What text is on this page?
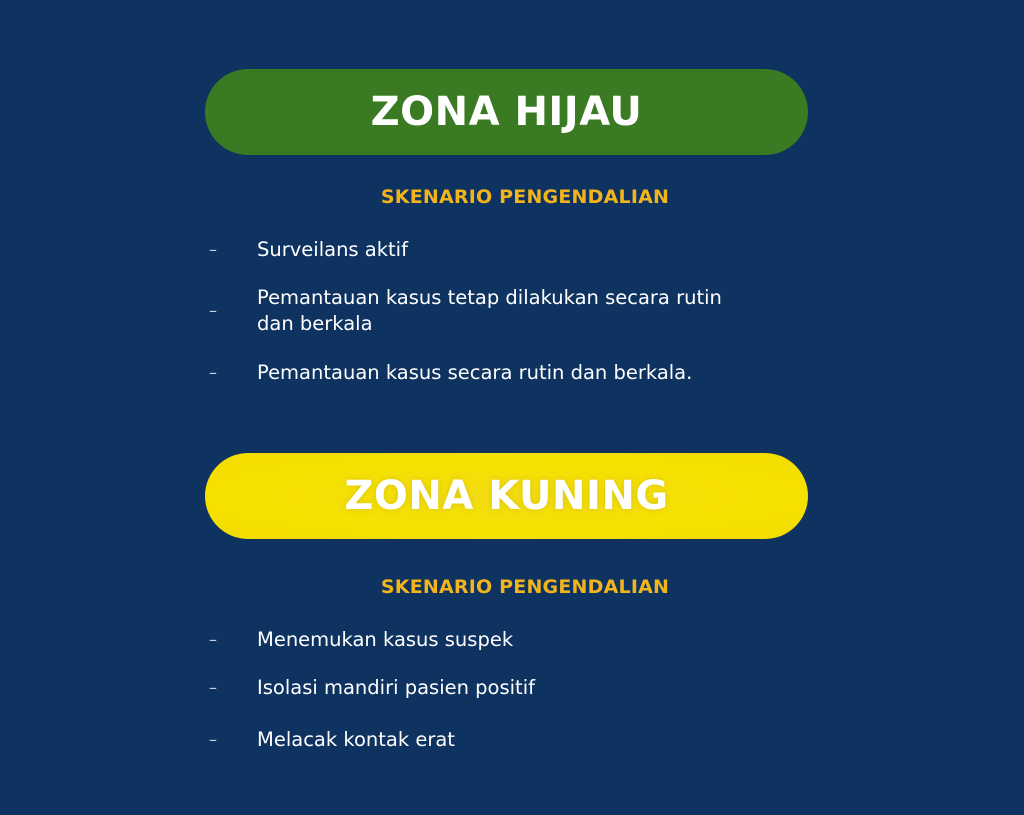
ZONA HIJAU
SKENARIO PENGENDALIAN
–	Surveilans aktif
–
Pemantauan kasus tetap dilakukan secara rutin dan berkala
–	Pemantauan kasus secara rutin dan berkala.
ZONA KUNING
SKENARIO PENGENDALIAN
–	Menemukan kasus suspek
–	Isolasi mandiri pasien positif
–	Melacak kontak erat
